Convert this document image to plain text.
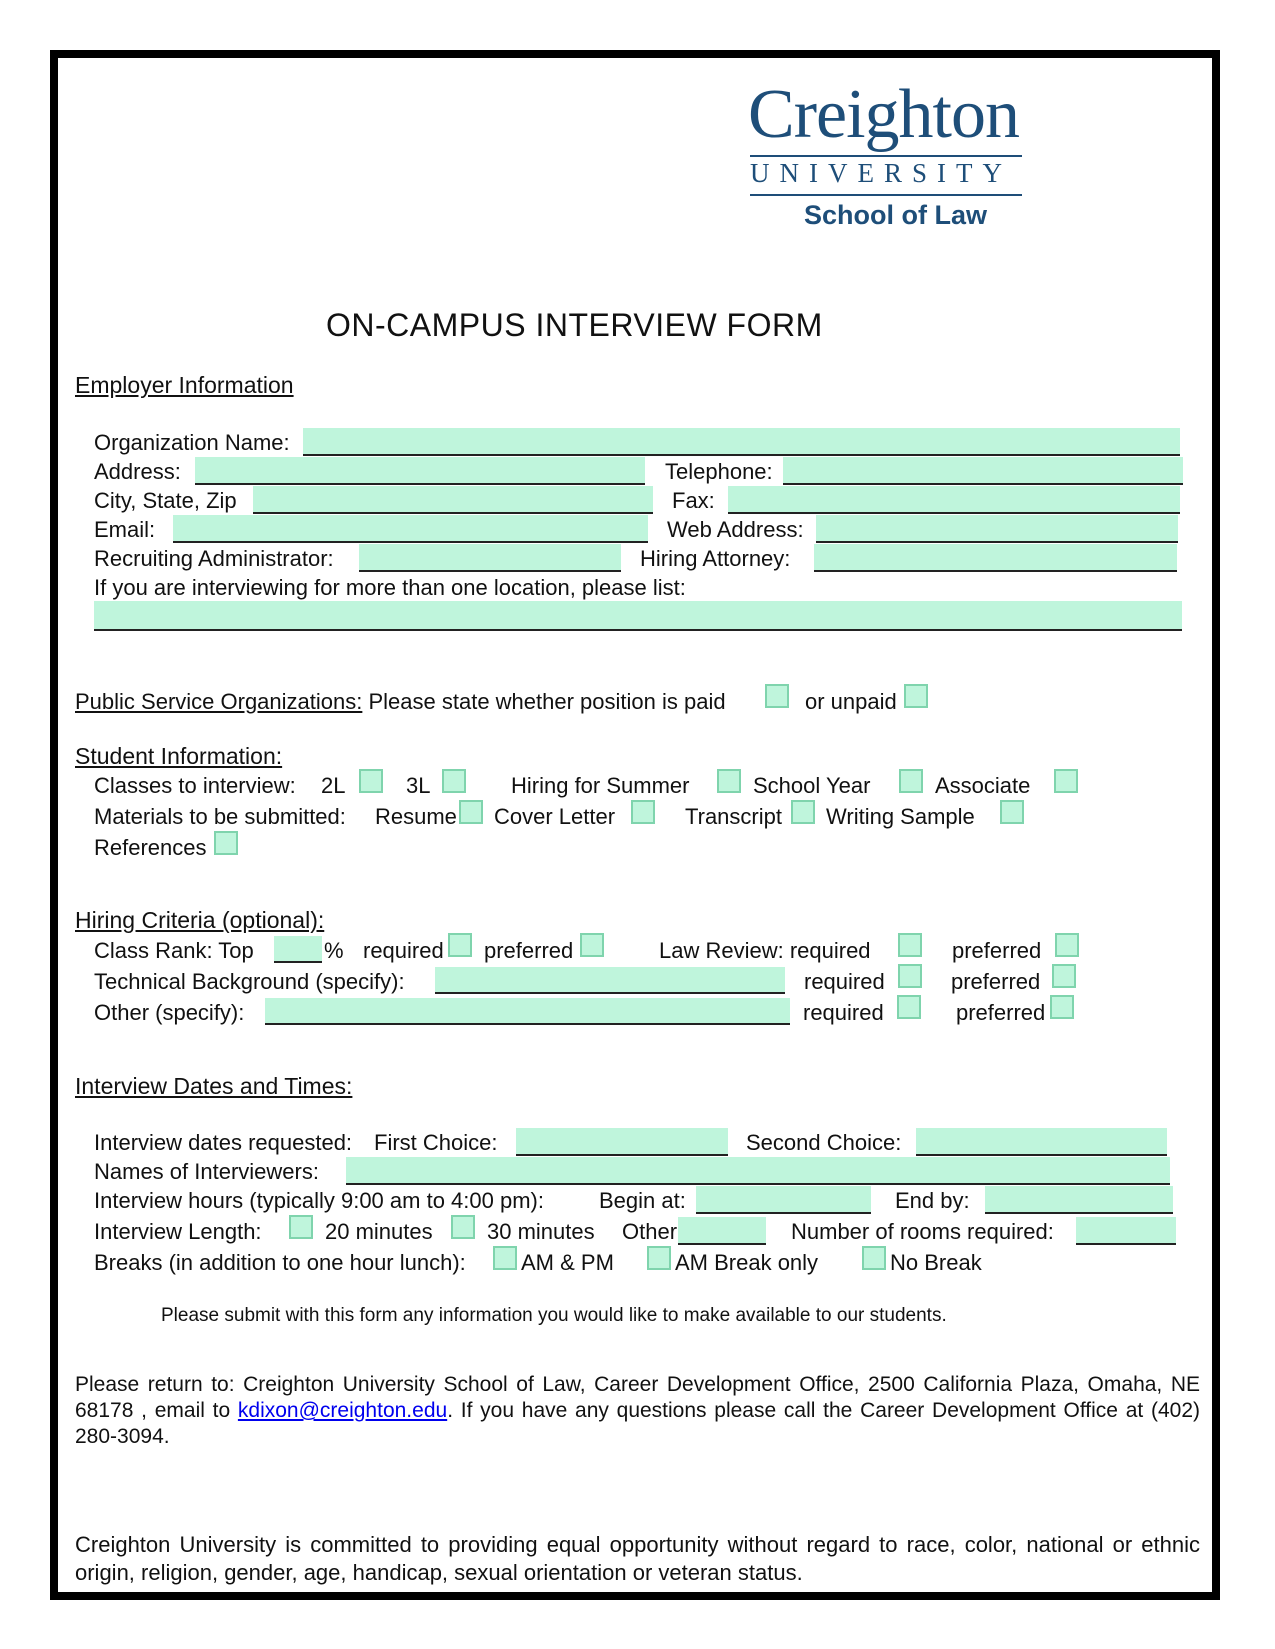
Creighton
UNIVERSITY
School of Law
ON-CAMPUS INTERVIEW FORM
Employer Information
Organization Name:
Address:	Telephone:
City, State, Zip	Fax:
Email:	Web Address:
Recruiting Administrator:	Hiring Attorney:
If you are interviewing for more than one location, please list:
Public Service Organizations: Please state whether position is paid	or unpaid
Student Information:
Classes to interview: 2L	3L	Hiring for Summer	School Year	Associate
Materials to be submitted: Resume Cover Letter	Transcript Writing Sample
References
Hiring Criteria (optional):
Class Rank: Top	% required preferred	Law Review: required	preferred
Technical Background (specify):	required	preferred
Other (specify):	required	preferred
Interview Dates and Times:
Interview dates requested: First Choice:	Second Choice:
Names of Interviewers:
Interview hours (typically 9:00 am to 4:00 pm):	Begin at:	End by:
Interview Length:	20 minutes 30 minutes Other	Number of rooms required:
Breaks (in addition to one hour lunch):	AM & PM	AM Break only	No Break
Please submit with this form any information you would like to make available to our students.
Please return to: Creighton University School of Law, Career Development Office, 2500 California Plaza, Omaha, NE 68178 , email to kdixon@creighton.edu. If you have any questions please call the Career Development Office at (402) 280-3094.
Creighton University is committed to providing equal opportunity without regard to race, color, national or ethnic origin, religion, gender, age, handicap, sexual orientation or veteran status.
